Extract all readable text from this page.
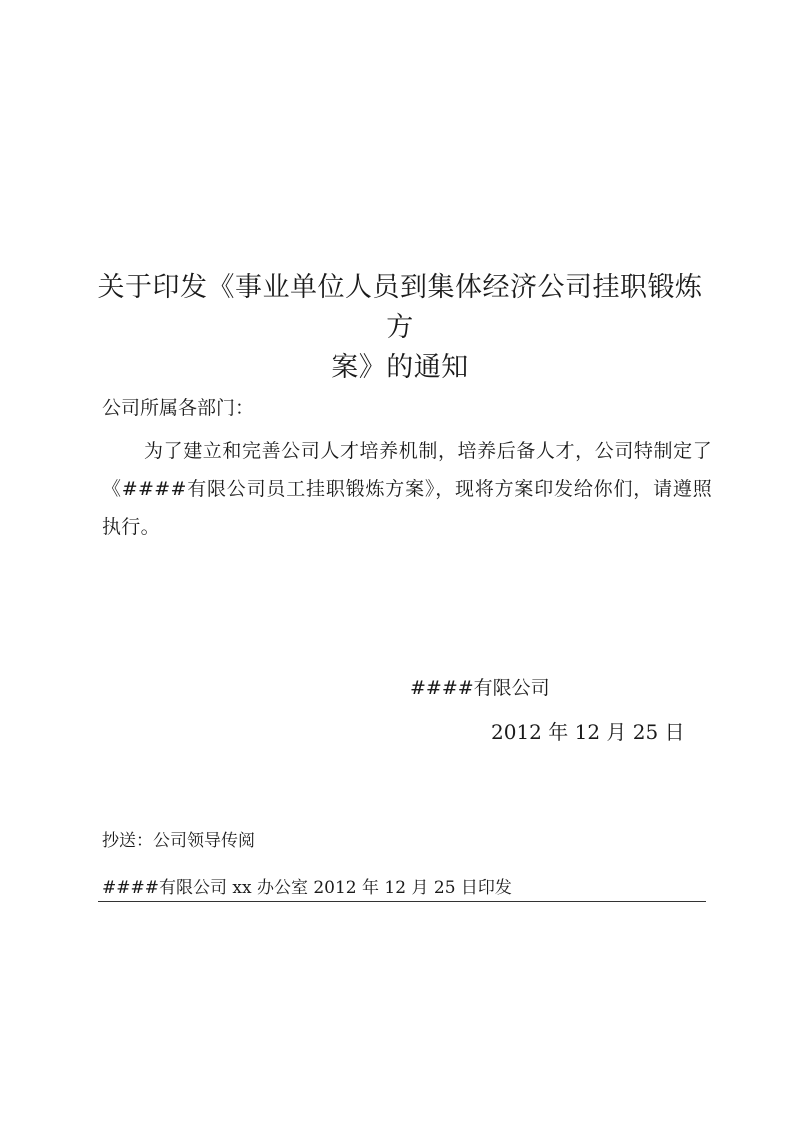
关于印发《事业单位人员到集体经济公司挂职锻炼方
案》的通知
公司所属各部门：
为了建立和完善公司人才培养机制，培养后备人才，公司特制定了《####有限公司员工挂职锻炼方案》，现将方案印发给你们，请遵照执行。
####有限公司
2012 年 12 月 25 日
抄送：公司领导传阅
####有限公司 xx 办公室 2012 年 12 月 25 日印发
